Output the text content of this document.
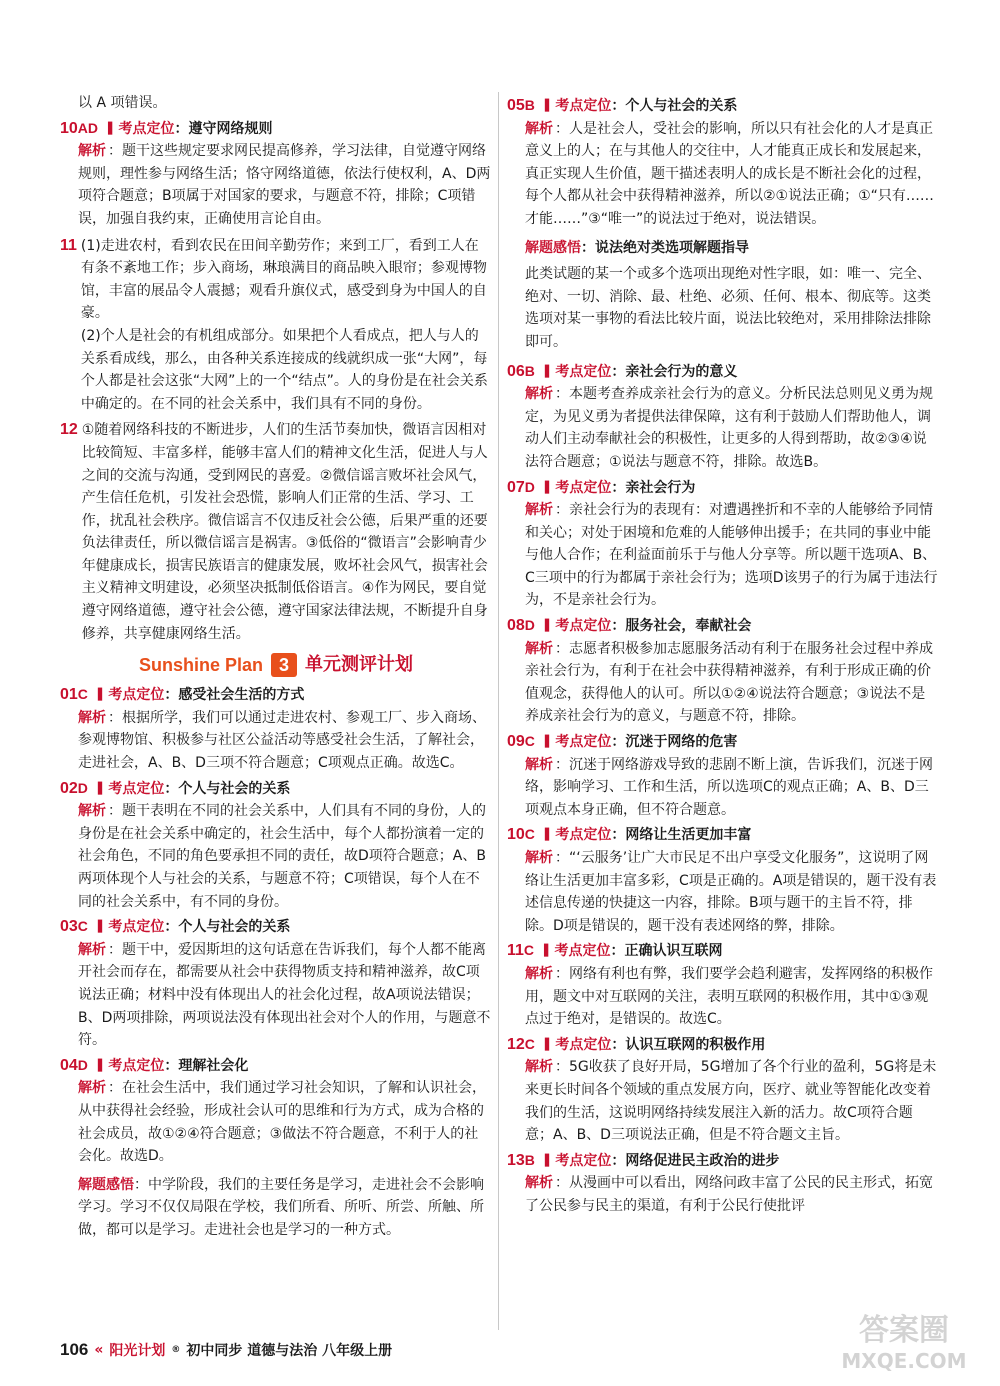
以 A 项错误。
10AD ▌ 考点定位：遵守网络规则
解析 ：题干这些规定要求网民提高修养，学习法律，自觉遵守网络规则，理性参与网络生活；恪守网络道德，依法行使权利，A、D两项符合题意；B项属于对国家的要求，与题意不符，排除；C项错误，加强自我约束，正确使用言论自由。
11 (1)走进农村，看到农民在田间辛勤劳作；来到工厂，看到工人在有条不紊地工作；步入商场，琳琅满目的商品映入眼帘；参观博物馆，丰富的展品令人震撼；观看升旗仪式，感受到身为中国人的自豪。

(2)个人是社会的有机组成部分。如果把个人看成点，把人与人的关系看成线，那么，由各种关系连接成的线就织成一张“大网”，每个人都是社会这张“大网”上的一个“结点”。人的身份是在社会关系中确定的。在不同的社会关系中，我们具有不同的身份。

12 ①随着网络科技的不断进步，人们的生活节奏加快，微语言因相对比较简短、丰富多样，能够丰富人们的精神文化生活，促进人与人之间的交流与沟通，受到网民的喜爱。②微信谣言败坏社会风气，产生信任危机，引发社会恐慌，影响人们正常的生活、学习、工作，扰乱社会秩序。微信谣言不仅违反社会公德，后果严重的还要负法律责任，所以微信谣言是祸害。③低俗的“微语言”会影响青少年健康成长，损害民族语言的健康发展，败坏社会风气，损害社会主义精神文明建设，必须坚决抵制低俗语言。④作为网民，要自觉遵守网络道德，遵守社会公德，遵守国家法律法规，不断提升自身修养，共享健康网络生活。

Sunshine Plan 3 单元测评计划
01C ▌ 考点定位：感受社会生活的方式
解析 ：根据所学，我们可以通过走进农村、参观工厂、步入商场、参观博物馆、积极参与社区公益活动等感受社会生活，了解社会，走进社会，A、B、D三项不符合题意；C项观点正确。故选C。
02D ▌ 考点定位：个人与社会的关系
解析 ：题干表明在不同的社会关系中，人们具有不同的身份，人的身份是在社会关系中确定的，社会生活中，每个人都扮演着一定的社会角色，不同的角色要承担不同的责任，故D项符合题意；A、B两项体现个人与社会的关系，与题意不符；C项错误，每个人在不同的社会关系中，有不同的身份。
03C ▌ 考点定位：个人与社会的关系
解析 ：题干中，爱因斯坦的这句话意在告诉我们，每个人都不能离开社会而存在，都需要从社会中获得物质支持和精神滋养，故C项说法正确；材料中没有体现出人的社会化过程，故A项说法错误；B、D两项排除，两项说法没有体现出社会对个人的作用，与题意不符。
04D ▌ 考点定位：理解社会化
解析 ：在社会生活中，我们通过学习社会知识，了解和认识社会，从中获得社会经验，形成社会认可的思维和行为方式，成为合格的社会成员，故①②④符合题意；③做法不符合题意，不利于人的社会化。故选D。
解题感悟：中学阶段，我们的主要任务是学习，走进社会不会影响学习。学习不仅仅局限在学校，我们所看、所听、所尝、所触、所做，都可以是学习。走进社会也是学习的一种方式。
05B ▌ 考点定位：个人与社会的关系
解析 ：人是社会人，受社会的影响，所以只有社会化的人才是真正意义上的人；在与其他人的交往中，人才能真正成长和发展起来，真正实现人生价值，题干描述表明人的成长是不断社会化的过程，每个人都从社会中获得精神滋养，所以②①说法正确；①“只有……才能……”③“唯一”的说法过于绝对，说法错误。
解题感悟：说法绝对类选项解题指导
此类试题的某一个或多个选项出现绝对性字眼，如：唯一、完全、绝对、一切、消除、最、杜绝、必须、任何、根本、彻底等。这类选项对某一事物的看法比较片面，说法比较绝对，采用排除法排除即可。
06B ▌ 考点定位：亲社会行为的意义
解析 ：本题考查养成亲社会行为的意义。分析民法总则见义勇为规定，为见义勇为者提供法律保障，这有利于鼓励人们帮助他人，调动人们主动奉献社会的积极性，让更多的人得到帮助，故②③④说法符合题意；①说法与题意不符，排除。故选B。
07D ▌ 考点定位：亲社会行为
解析 ：亲社会行为的表现有：对遭遇挫折和不幸的人能够给予同情和关心；对处于困境和危难的人能够伸出援手；在共同的事业中能与他人合作；在利益面前乐于与他人分享等。所以题干选项A、B、C三项中的行为都属于亲社会行为；选项D该男子的行为属于违法行为，不是亲社会行为。
08D ▌ 考点定位：服务社会，奉献社会
解析 ：志愿者积极参加志愿服务活动有利于在服务社会过程中养成亲社会行为，有利于在社会中获得精神滋养，有利于形成正确的价值观念，获得他人的认可。所以①②④说法符合题意；③说法不是养成亲社会行为的意义，与题意不符，排除。
09C ▌ 考点定位：沉迷于网络的危害
解析 ：沉迷于网络游戏导致的悲剧不断上演，告诉我们，沉迷于网络，影响学习、工作和生活，所以选项C的观点正确；A、B、D三项观点本身正确，但不符合题意。
10C ▌ 考点定位：网络让生活更加丰富
解析 ：“‘云服务’让广大市民足不出户享受文化服务”，这说明了网络让生活更加丰富多彩，C项是正确的。A项是错误的，题干没有表述信息传递的快捷这一内容，排除。B项与题干的主旨不符，排除。D项是错误的，题干没有表述网络的弊，排除。
11C ▌ 考点定位：正确认识互联网
解析 ：网络有利也有弊，我们要学会趋利避害，发挥网络的积极作用，题文中对互联网的关注，表明互联网的积极作用，其中①③观点过于绝对，是错误的。故选C。
12C ▌ 考点定位：认识互联网的积极作用
解析 ：5G收获了良好开局，5G增加了各个行业的盈利，5G将是未来更长时间各个领域的重点发展方向，医疗、就业等智能化改变着我们的生活，这说明网络持续发展注入新的活力。故C项符合题意；A、B、D三项说法正确，但是不符合题文主旨。
13B ▌ 考点定位：网络促进民主政治的进步
解析 ：从漫画中可以看出，网络问政丰富了公民的民主形式，拓宽了公民参与民主的渠道，有利于公民行使批评
106 « 阳光计划 ® 初中同步 道德与法治 八年级上册
答案圈
MXQE.COM
